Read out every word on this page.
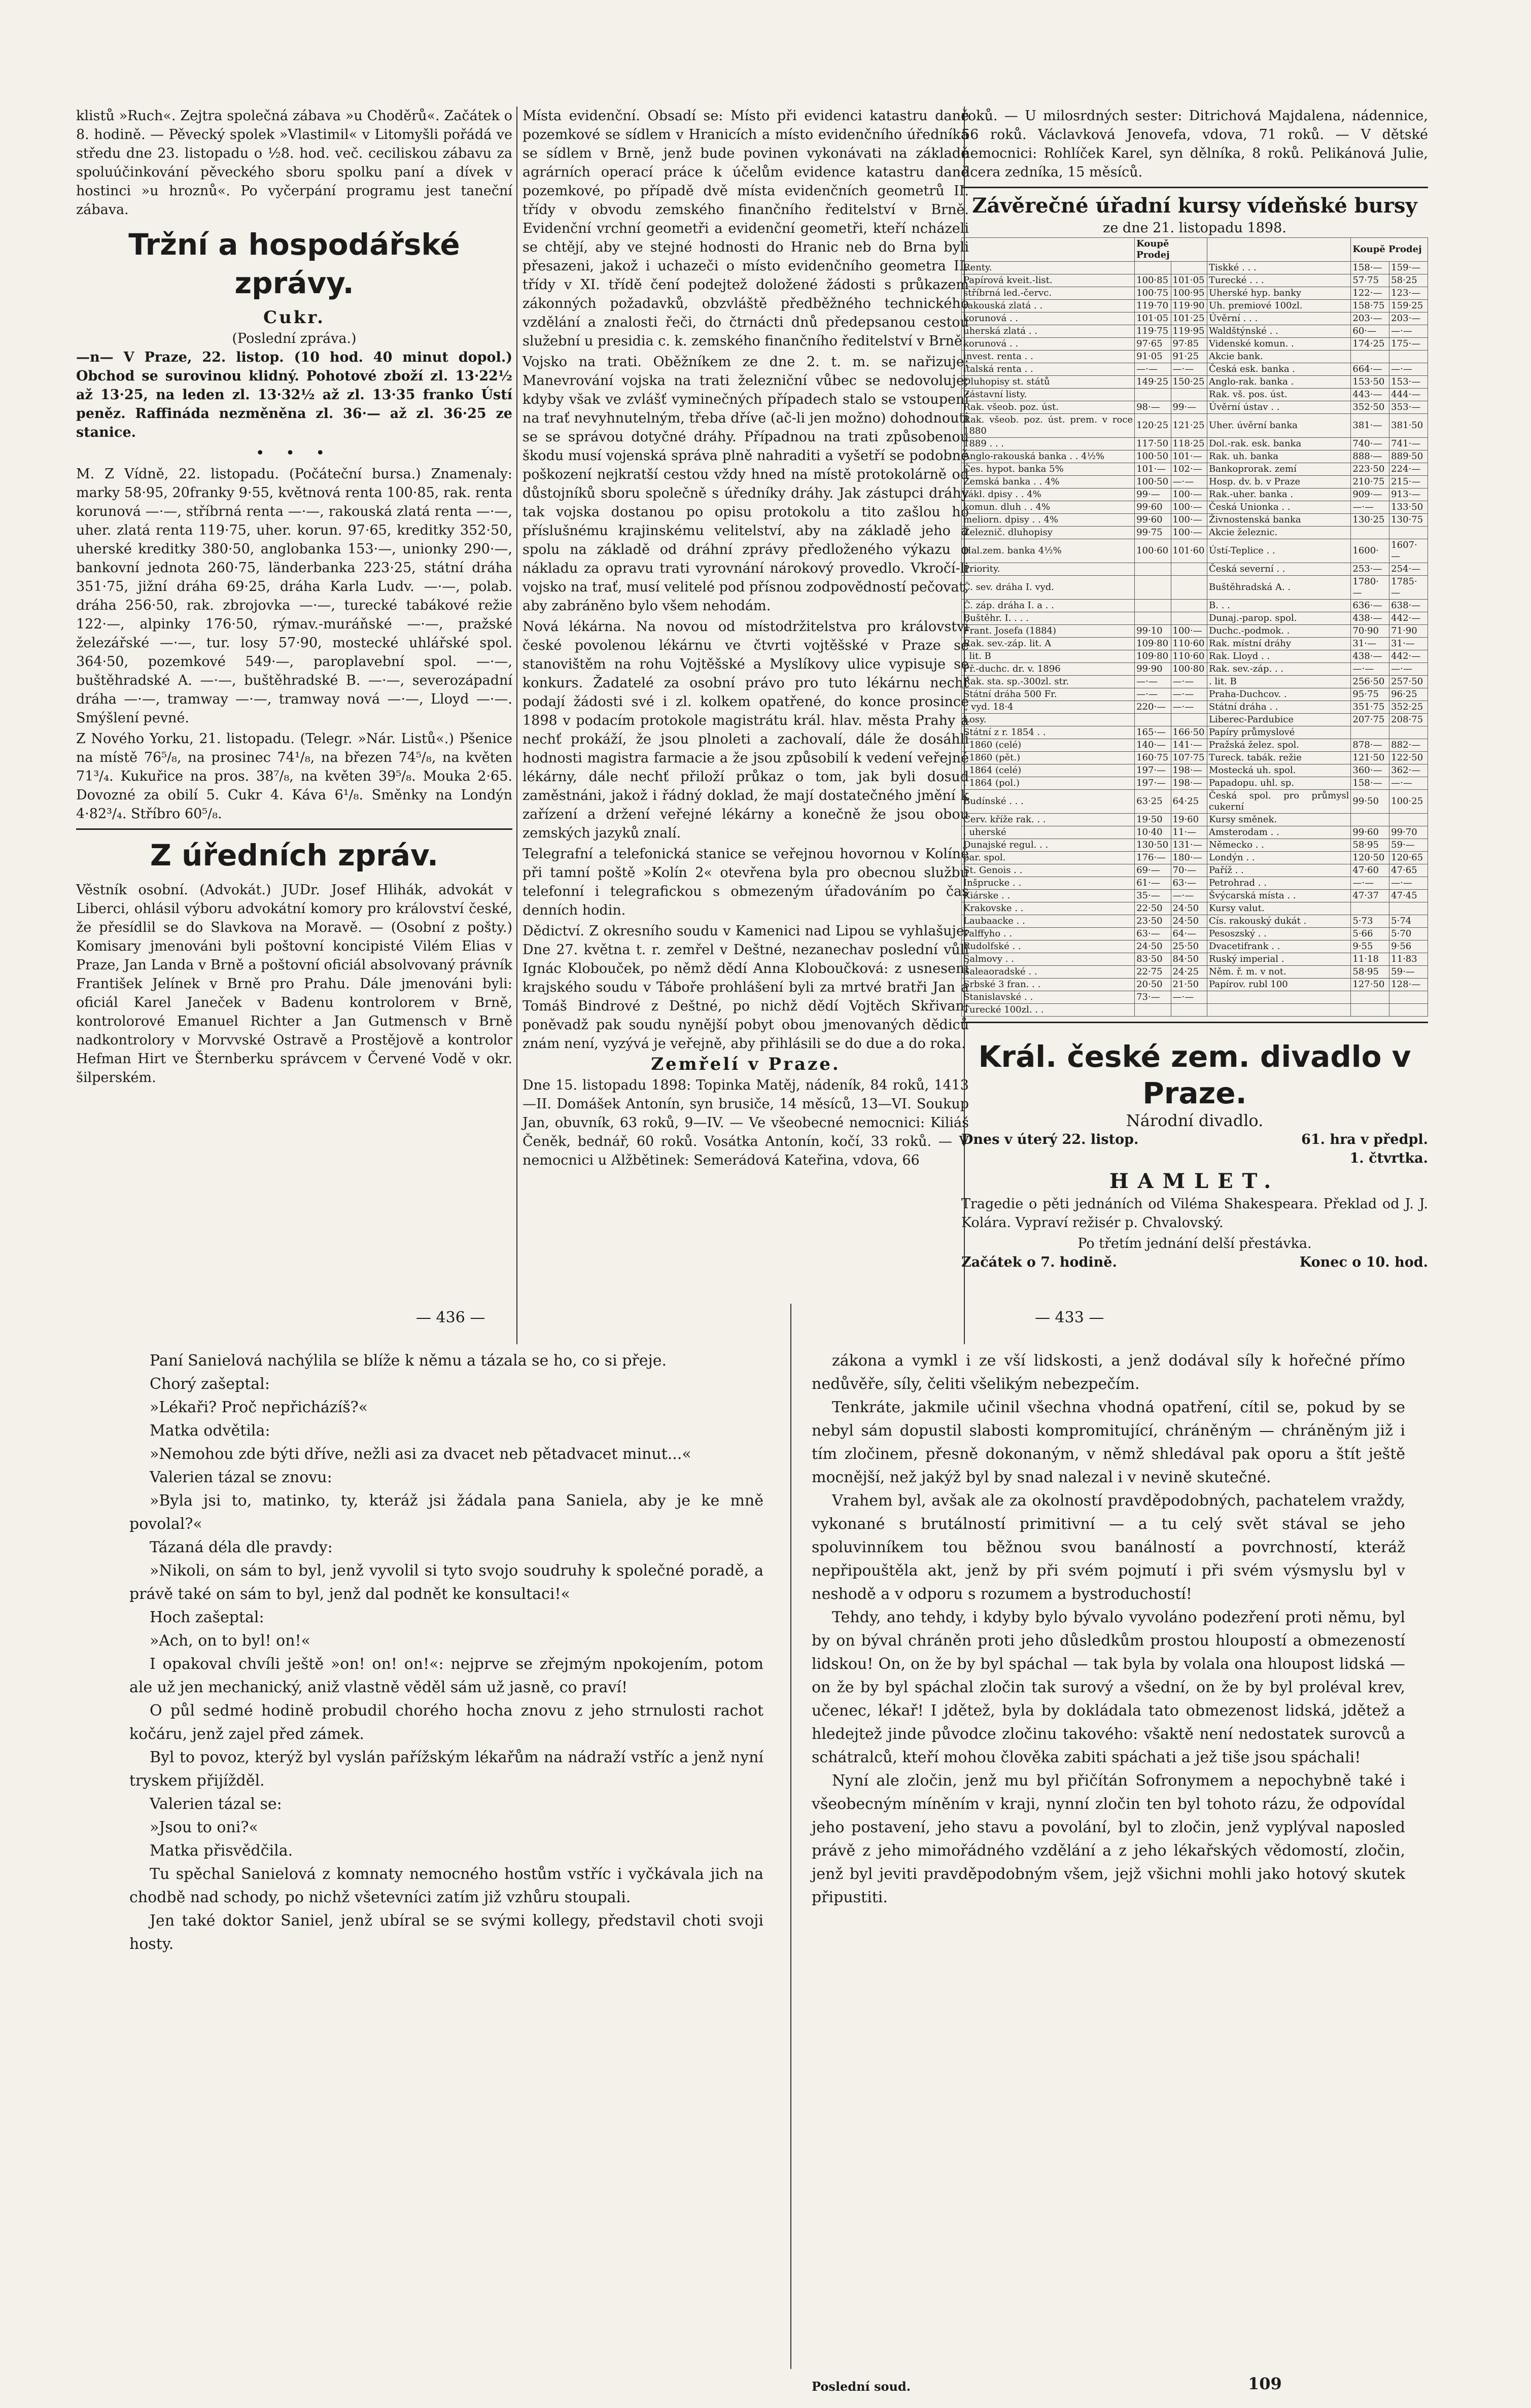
klistů »Ruch«. Zejtra společná zábava »u Choděrů«. Začátek o 8. hodině. — Pěvecký spolek »Vlastimil« v Litomyšli pořádá ve středu dne 23. listopadu o ½8. hod. več. ceciliskou zábavu za spoluúčinkování pěveckého sboru spolku paní a dívek v hostinci »u hroznů«. Po vyčerpání programu jest taneční zábava.

Tržní a hospodářské zprávy.
Cukr.
(Poslední zpráva.)

—n— V Praze, 22. listop. (10 hod. 40 minut dopol.) Obchod se surovinou klidný. Pohotové zboží zl. 13·22½ až 13·25, na leden zl. 13·32½ až zl. 13·35 franko Ústí peněz. Raffináda nezměněna zl. 36·— až zl. 36·25 ze stanice.

• • •

M. Z Vídně, 22. listopadu. (Počáteční bursa.) Znamenaly: marky 58·95, 20franky 9·55, květnová renta 100·85, rak. renta korunová —·—, stříbrná renta —·—, rakouská zlatá renta —·—, uher. zlatá renta 119·75, uher. korun. 97·65, kreditky 352·50, uherské kreditky 380·50, anglobanka 153·—, unionky 290·—, bankovní jednota 260·75, länderbanka 223·25, státní dráha 351·75, jižní dráha 69·25, dráha Karla Ludv. —·—, polab. dráha 256·50, rak. zbrojovka —·—, turecké tabákové režie 122·—, alpinky 176·50, rýmav.-muráňské —·—, pražské železářské —·—, tur. losy 57·90, mostecké uhlářské spol. 364·50, pozemkové 549·—, paroplavební spol. —·—, buštěhradské A. —·—, buštěhradské B. —·—, severozápadní dráha —·—, tramway —·—, tramway nová —·—, Lloyd —·—. Smýšlení pevné.

Z Nového Yorku, 21. listopadu. (Telegr. »Nár. Listů«.) Pšenice na místě 76⁵/₈, na prosinec 74¹/₈, na březen 74⁵/₈, na květen 71³/₄. Kukuřice na pros. 38⁷/₈, na květen 39⁵/₈. Mouka 2·65. Dovozné za obilí 5. Cukr 4. Káva 6¹/₈. Směnky na Londýn 4·82³/₄. Stříbro 60⁵/₈.

Z úředních zpráv.

Věstník osobní. (Advokát.) JUDr. Josef Hlihák, advokát v Liberci, ohlásil výboru advokátní komory pro království české, že přesídlil se do Slavkova na Moravě. — (Osobní z pošty.) Komisary jmenováni byli poštovní koncipisté Vilém Elias v Praze, Jan Landa v Brně a poštovní oficiál absolvovaný právník František Jelínek v Brně pro Prahu. Dále jmenováni byli: oficiál Karel Janeček v Badenu kontrolorem v Brně, kontrolorové Emanuel Richter a Jan Gutmensch v Brně nadkontrolory v Morvvské Ostravě a Prostějově a kontrolor Hefman Hirt ve Šternberku správcem v Červené Vodě v okr. šilperském.

Místa evidenční. Obsadí se: Místo při evidenci katastru daně pozemkové se sídlem v Hranicích a místo evidenčního úředníka se sídlem v Brně, jenž bude povinen vykonávati na základě agrárních operací práce k účelům evidence katastru daně pozemkové, po případě dvě místa evidenčních geometrů II. třídy v obvodu zemského finančního ředitelství v Brně. Evidenční vrchní geometři a evidenční geometři, kteří ncházeli se chtějí, aby ve stejné hodnosti do Hranic neb do Brna byli přesazeni, jakož i uchazeči o místo evidenčního geometra II. třídy v XI. třídě čení podejtež doložené žádosti s průkazem zákonných požadavků, obzvláště předběžného technického vzdělání a znalosti řeči, do čtrnácti dnů předepsanou cestou služební u presidia c. k. zemského finančního ředitelství v Brně.

Vojsko na trati. Oběžníkem ze dne 2. t. m. se nařizuje: Manevrování vojska na trati železniční vůbec se nedovoluje; kdyby však ve zvlášť vyminečných případech stalo se vstoupení na trať nevyhnutelným, třeba dříve (ač-li jen možno) dohodnouti se se správou dotyčné dráhy. Případnou na trati způsobenou škodu musí vojenská správa plně nahraditi a vyšetří se podobně poškození nejkratší cestou vždy hned na místě protokolárně od důstojníků sboru společně s úředníky dráhy. Jak zástupci dráhy tak vojska dostanou po opisu protokolu a tito zašlou ho příslušnému krajinskému velitelství, aby na základě jeho a spolu na základě od dráhní zprávy předloženého výkazu o nákladu za opravu trati vyrovnání nárokový provedlo. Vkročí-li vojsko na trať, musí velitelé pod přísnou zodpovědností pečovat, aby zabráněno bylo všem nehodám.

Nová lékárna. Na novou od místodržitelstva pro království české povolenou lékárnu ve čtvrti vojtěšské v Praze se stanovištěm na rohu Vojtěšské a Myslíkovy ulice vypisuje se konkurs. Žadatelé za osobní právo pro tuto lékárnu nechť podají žádosti své i zl. kolkem opatřené, do konce prosince 1898 v podacím protokole magistrátu král. hlav. města Prahy a nechť prokáží, že jsou plnoleti a zachovalí, dále že dosáhli hodnosti magistra farmacie a že jsou způsobilí k vedení veřejné lékárny, dále nechť přiloží průkaz o tom, jak byli dosud zaměstnáni, jakož i řádný doklad, že mají dostatečného jmění k zařízení a držení veřejné lékárny a konečně že jsou obou zemských jazyků znalí.

Telegrafní a telefonická stanice se veřejnou hovornou v Kolíně při tamní poště »Kolín 2« otevřena byla pro obecnou službu telefonní i telegrafickou s obmezeným úřadováním po čas denních hodin.

Dědictví. Z okresního soudu v Kamenici nad Lipou se vyhlašuje: Dne 27. května t. r. zemřel v Deštné, nezanechav poslední vůli Ignác Klobouček, po němž dědí Anna Kloboučková: z usnesení krajského soudu v Táboře prohlášení byli za mrtvé bratři Jan a Tomáš Bindrové z Deštné, po nichž dědí Vojtěch Skřivan; poněvadž pak soudu nynější pobyt obou jmenovaných dědiců znám není, vyzývá je veřejně, aby přihlásili se do due a do roka.

Zemřelí v Praze.

Dne 15. listopadu 1898: Topinka Matěj, nádeník, 84 roků, 1413—II. Domášek Antonín, syn brusiče, 14 měsíců, 13—VI. Soukup Jan, obuvník, 63 roků, 9—IV. — Ve všeobecné nemocnici: Kiliáš Čeněk, bednář, 60 roků. Vosátka Antonín, kočí, 33 roků. — V nemocnici u Alžbětinek: Semerádová Kateřina, vdova, 66

roků. — U milosrdných sester: Ditrichová Majdalena, nádennice, 56 roků. Václavková Jenovefa, vdova, 71 roků. — V dětské nemocnici: Rohlíček Karel, syn dělníka, 8 roků. Pelikánová Julie, dcera zedníka, 15 měsíců.

Závěrečné úřadní kursy vídeňské bursy
ze dne 21. listopadu 1898.
	Koupě Prodej			Koupě Prodej	
Renty.			Tiskké . . .	158·—	159·—
Papírová kveit.-list.	100·85	101·05	Turecké . . .	57·75	58·25
stříbrná led.-červc.	100·75	100·95	Uherské hyp. banky	122·—	123·—
rakouská zlatá . .	119·70	119·90	Uh. premiové 100zl.	158·75	159·25
korunová . .	101·05	101·25	Úvěrní . . .	203·—	203·—
uherská zlatá . .	119·75	119·95	Waldštýnské . .	60·—	—·—
korunová . .	97·65	97·85	Videnské komun. .	174·25	175·—
invest. renta . .	91·05	91·25	Akcie bank.		
italská renta . .	—·—	—·—	Česká esk. banka .	664·—	—·—
Dluhopisy st. států	149·25	150·25	Anglo-rak. banka .	153·50	153·—
Zástavní listy.			Rak. vš. pos. úst.	443·—	444·—
Rak. všeob. poz. úst.	98·—	99·—	Úvěrní ústav . .	352·50	353·—
Rak. všeob. poz. úst. prem. v roce 1880	120·25	121·25	Uher. úvěrní banka	381·—	381·50
1889 . . .	117·50	118·25	Dol.-rak. esk. banka	740·—	741·—
Anglo-rakouská banka . . 4½%	100·50	101·—	Rak. uh. banka	888·—	889·50
Čes. hypot. banka 5%	101·—	102·—	Bankoprorak. zemí	223·50	224·—
Zemská banka . . 4%	100·50	—·—	Hosp. dv. b. v Praze	210·75	215·—
zákl. dpisy . . 4%	99·—	100·—	Rak.-uher. banka .	909·—	913·—
komun. dluh . . 4%	99·60	100·—	Česká Unionka . .	—·—	133·50
meliorn. dpisy . . 4%	99·60	100·—	Živnostenská banka	130·25	130·75
Železnič. dluhopisy	99·75	100·—	Akcie železnic.		
Hal.zem. banka 4½%	100·60	101·60	Ústí-Teplice . .	1600·	1607·—
Priority.			Česká severní . .	253·—	254·—
Č. sev. dráha I. vyd.			Buštěhradská A. .	1780·—	1785·—
Č. záp. dráha I. a . .			B. . .	636·—	638·—
Buštěhr. I. . . .			Dunaj.-parop. spol.	438·—	442·—
Frant. Josefa (1884)	99·10	100·—	Duchc.-podmok. .	70·90	71·90
Rak. sev.-záp. lit. A	109·80	110·60	Rak. místní dráhy	31·—	31·—
. lit. B	109·80	110·60	Rak. Lloyd . .	438·—	442·—
Př.-duchc. dr. v. 1896	99·90	100·80	Rak. sev.-záp. . .	—·—	—·—
Rak. sta. sp.-300zl. str.	—·—	—·—	. lit. B	256·50	257·50
Státní dráha 500 Fr.	—·—	—·—	Praha-Duchcov. .	95·75	96·25
„ vyd. 18·4	220·—	—·—	Státní dráha . .	351·75	352·25
Losy.			Liberec-Pardubice	207·75	208·75
Státní z r. 1854 . .	165·—	166·50	Papíry průmyslové		
. 1860 (celé)	140·—	141·—	Pražská želez. spol.	878·—	882·—
. 1860 (pět.)	160·75	107·75	Tureck. tabák. režie	121·50	122·50
. 1864 (celé)	197·—	198·—	Mostecká uh. spol.	360·—	362·—
. 1864 (pol.)	197·—	198·—	Papadopu. uhl. sp.	158·—	—·—
Budínské . . .	63·25	64·25	Česká spol. pro průmysl cukerní	99·50	100·25
Červ. kříže rak. . .	19·50	19·60	Kursy směnek.		
. uherské	10·40	11·—	Amsterodam . .	99·60	99·70
Dunajské regul. . .	130·50	131·—	Německo . .	58·95	59·—
par. spol.	176·—	180·—	Londýn . .	120·50	120·65
St. Genois . .	69·—	70·—	Paříž . .	47·60	47·65
Inšprucke . .	61·—	63·—	Petrohrad . .	—·—	—·—
Kiárske . .	35·—	—·—	Švýcarská místa . .	47·37	47·45
Krakovske . .	22·50	24·50	Kursy valut.		
Laubaacke . .	23·50	24·50	Cís. rakouský dukát .	5·73	5·74
Palffyho . .	63·—	64·—	Pesoszský . .	5·66	5·70
Rudolfské . .	24·50	25·50	Dvacetifrank . .	9·55	9·56
Salmovy . .	83·50	84·50	Ruský imperial .	11·18	11·83
Saleaoradské . .	22·75	24·25	Něm. ř. m. v not.	58·95	59·—
Srbské 3 fran. . .	20·50	21·50	Papírov. rubl 100	127·50	128·—
Stanislavské . .	73·—	—·—			
Turecké 100zl. . .					
Král. české zem. divadlo v Praze.
Národní divadlo.
Dnes v úterý 22. listop.	61. hra v předpl.
1. čtvrtka.
HAMLET.

Tragedie o pěti jednáních od Viléma Shakespeara. Překlad od J. J. Kolára. Vypraví režisér p. Chvalovský.

Po třetím jednání delší přestávka.
Začátek o 7. hodině.	Konec o 10. hod.
— 436 —	— 433 —

Paní Sanielová nachýlila se blíže k němu a tázala se ho, co si přeje.

Chorý zašeptal:

»Lékaři? Proč nepřicházíš?«

Matka odvětila:

»Nemohou zde býti dříve, nežli asi za dvacet neb pětadvacet minut...«

Valerien tázal se znovu:

»Byla jsi to, matinko, ty, kteráž jsi žádala pana Saniela, aby je ke mně povolal?«

Tázaná déla dle pravdy:

»Nikoli, on sám to byl, jenž vyvolil si tyto svojo soudruhy k společné poradě, a právě také on sám to byl, jenž dal podnět ke konsultaci!«

Hoch zašeptal:

»Ach, on to byl! on!«

I opakoval chvíli ještě »on! on! on!«: nejprve se zřejmým npokojením, potom ale už jen mechanický, aniž vlastně věděl sám už jasně, co praví!

O půl sedmé hodině probudil chorého hocha znovu z jeho strnulosti rachot kočáru, jenž zajel před zámek.

Byl to povoz, kterýž byl vyslán pařížským lékařům na nádraží vstříc a jenž nyní tryskem přijížděl.

Valerien tázal se:

»Jsou to oni?«

Matka přisvědčila.

Tu spěchal Sanielová z komnaty nemocného hostům vstříc i vyčkávala jich na chodbě nad schody, po nichž všetevníci zatím již vzhůru stoupali.

Jen také doktor Saniel, jenž ubíral se se svými kollegy, představil choti svoji hosty.

zákona a vymkl i ze vší lidskosti, a jenž dodával síly k hořečné přímo nedůvěře, síly, čeliti všelikým nebezpečím.

Tenkráte, jakmile učinil všechna vhodná opatření, cítil se, pokud by se nebyl sám dopustil slabosti kompromitující, chráněným — chráněným již i tím zločinem, přesně dokonaným, v němž shledával pak oporu a štít ještě mocnější, než jakýž byl by snad nalezal i v nevině skutečné.

Vrahem byl, avšak ale za okolností pravděpodobných, pachatelem vraždy, vykonané s brutálností primitivní — a tu celý svět stával se jeho spoluvinníkem tou běžnou svou banálností a povrchností, kteráž nepřipouštěla akt, jenž by při svém pojmutí i při svém výsmyslu byl v neshodě a v odporu s rozumem a bystroduchostí!

Tehdy, ano tehdy, i kdyby bylo bývalo vyvoláno podezření proti němu, byl by on býval chráněn proti jeho důsledkům prostou hloupostí a obmezeností lidskou! On, on že by byl spáchal — tak byla by volala ona hloupost lidská — on že by byl spáchal zločin tak surový a všední, on že by byl proléval krev, učenec, lékař! I jdětež, byla by dokládala tato obmezenost lidská, jdětež a hledejtež jinde původce zločinu takového: všaktě není nedostatek surovců a schátralců, kteří mohou člověka zabiti spáchati a jež tiše jsou spáchali!

Nyní ale zločin, jenž mu byl přičítán Sofronymem a nepochybně také i všeobecným míněním v kraji, nynní zločin ten byl tohoto rázu, že odpovídal jeho postavení, jeho stavu a povolání, byl to zločin, jenž vyplýval naposled právě z jeho mimořádného vzdělání a z jeho lékařských vědomostí, zločin, jenž byl jeviti pravděpodobným všem, jejž všichni mohli jako hotový skutek připustiti.

Poslední soud.	109
